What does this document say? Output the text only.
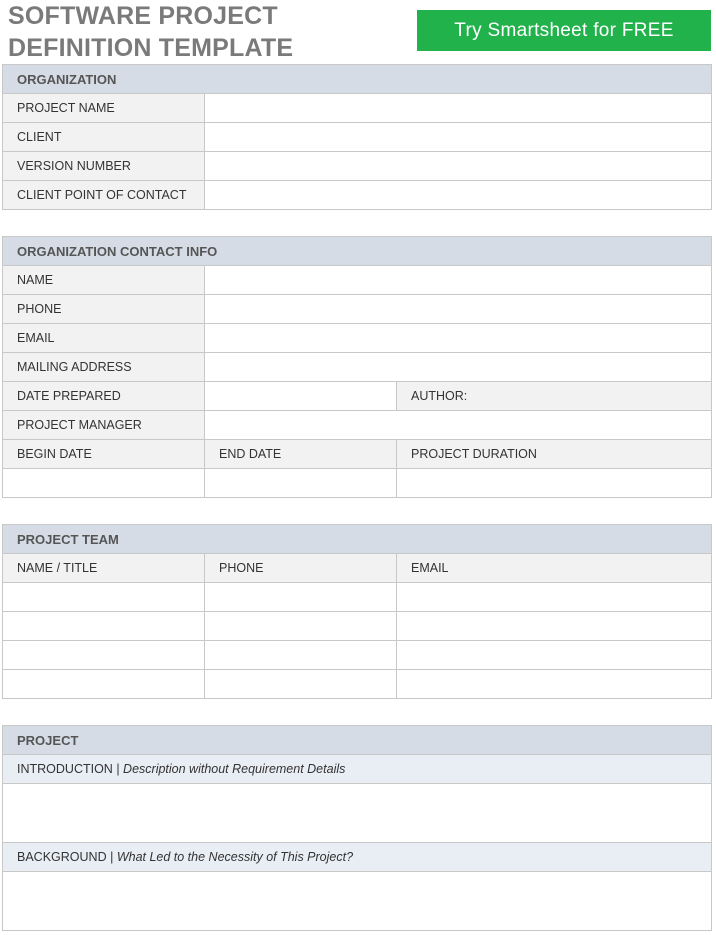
SOFTWARE PROJECT
DEFINITION TEMPLATE
Try Smartsheet for FREE
ORGANIZATION	
PROJECT NAME	
CLIENT	
VERSION NUMBER	
CLIENT POINT OF CONTACT	
ORGANIZATION CONTACT INFO		
NAME		
PHONE		
EMAIL		
MAILING ADDRESS		
DATE PREPARED		AUTHOR:
PROJECT MANAGER		
BEGIN DATE	END DATE	PROJECT DURATION

PROJECT TEAM		
NAME / TITLE	PHONE	EMAIL

PROJECT
INTRODUCTION | Description without Requirement Details

BACKGROUND | What Led to the Necessity of This Project?
